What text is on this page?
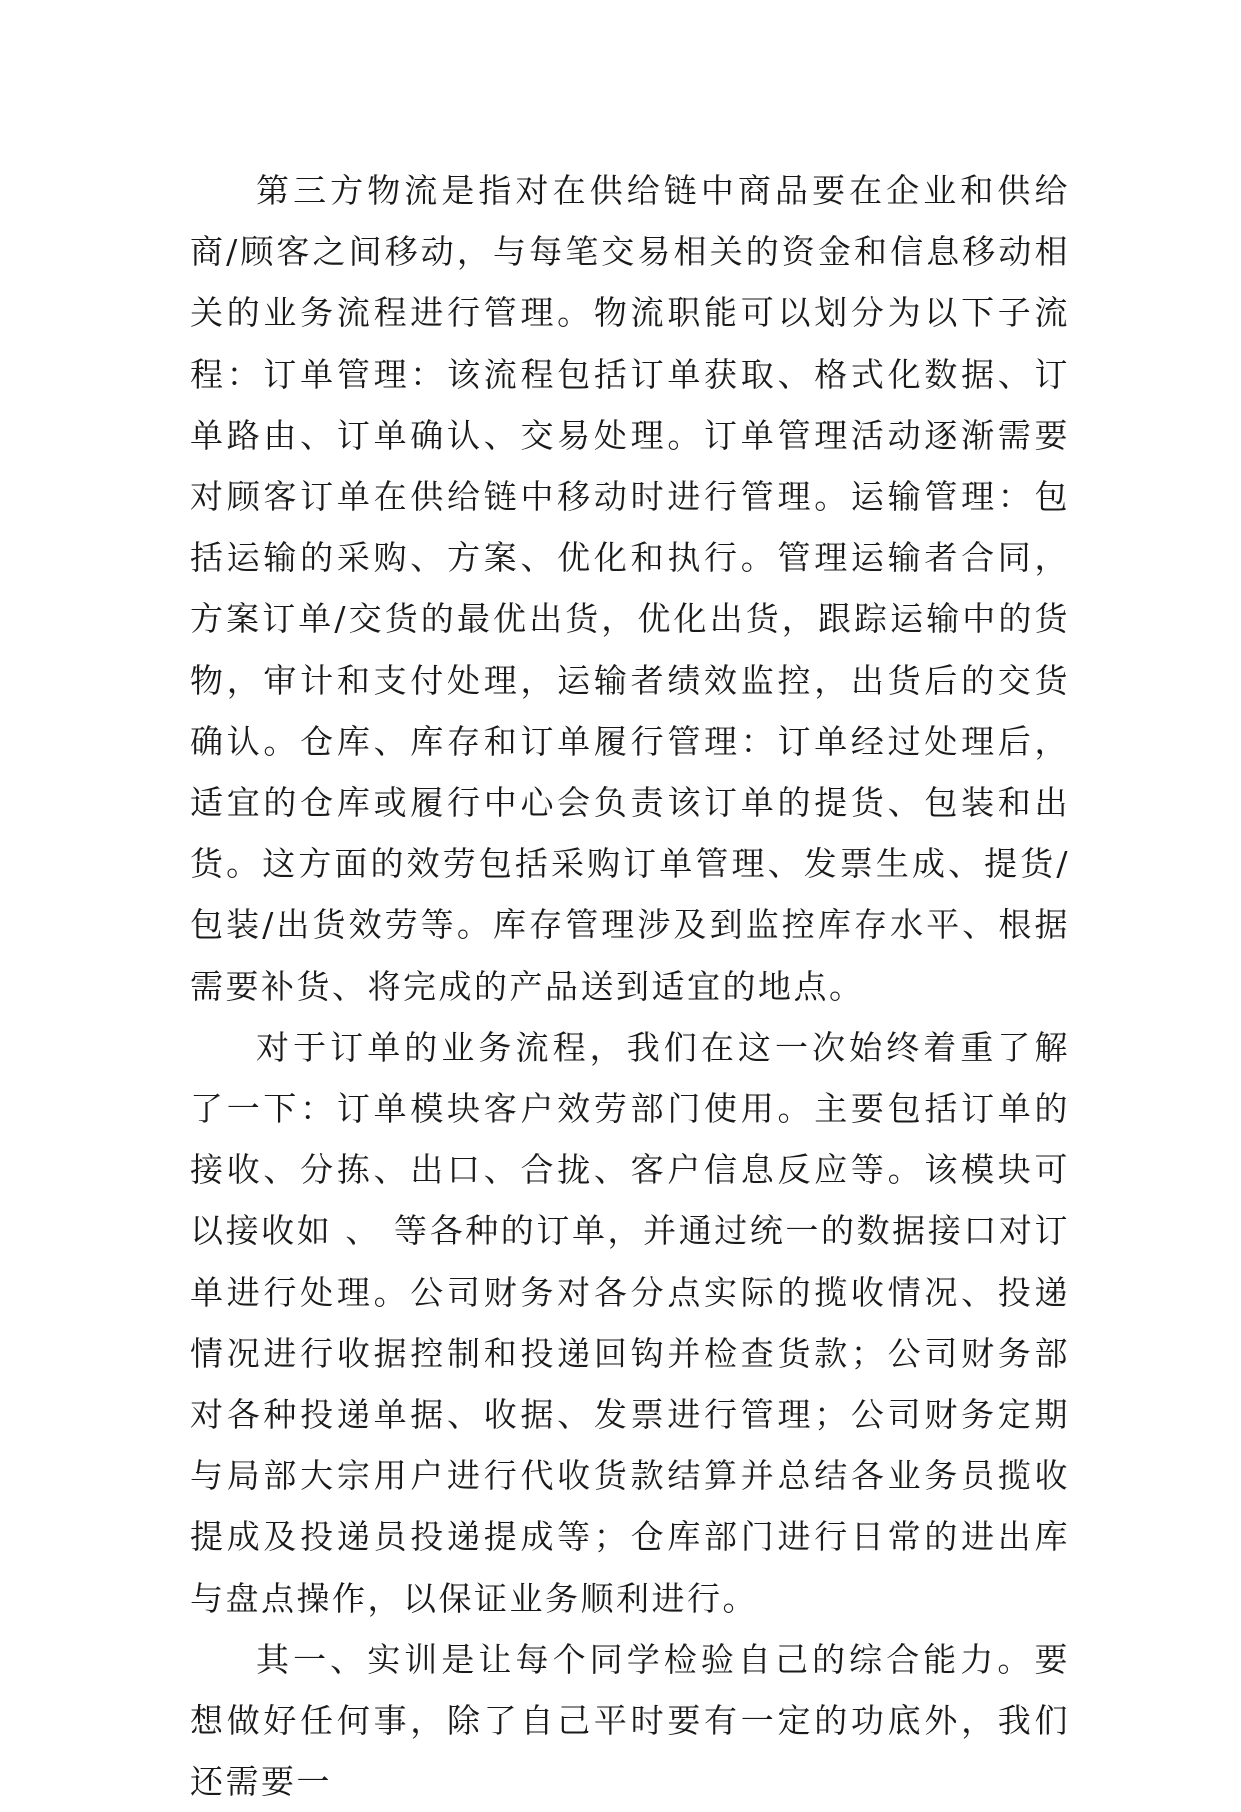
第三方物流是指对在供给链中商品要在企业和供给商/顾客之间移动，与每笔交易相关的资金和信息移动相关的业务流程进行管理。物流职能可以划分为以下子流程：订单管理：该流程包括订单获取、格式化数据、订单路由、订单确认、交易处理。订单管理活动逐渐需要对顾客订单在供给链中移动时进行管理。运输管理：包括运输的采购、方案、优化和执行。管理运输者合同，方案订单/交货的最优出货，优化出货，跟踪运输中的货物，审计和支付处理，运输者绩效监控，出货后的交货确认。仓库、库存和订单履行管理：订单经过处理后，适宜的仓库或履行中心会负责该订单的提货、包装和出货。这方面的效劳包括采购订单管理、发票生成、提货/包装/出货效劳等。库存管理涉及到监控库存水平、根据需要补货、将完成的产品送到适宜的地点。

对于订单的业务流程，我们在这一次始终着重了解了一下：订单模块客户效劳部门使用。主要包括订单的接收、分拣、出口、合拢、客户信息反应等。该模块可以接收如 、 等各种的订单，并通过统一的数据接口对订单进行处理。公司财务对各分点实际的揽收情况、投递情况进行收据控制和投递回钩并检查货款；公司财务部对各种投递单据、收据、发票进行管理；公司财务定期与局部大宗用户进行代收货款结算并总结各业务员揽收提成及投递员投递提成等；仓库部门进行日常的进出库与盘点操作，以保证业务顺利进行。

其一、实训是让每个同学检验自己的综合能力。要想做好任何事，除了自己平时要有一定的功底外，我们还需要一
